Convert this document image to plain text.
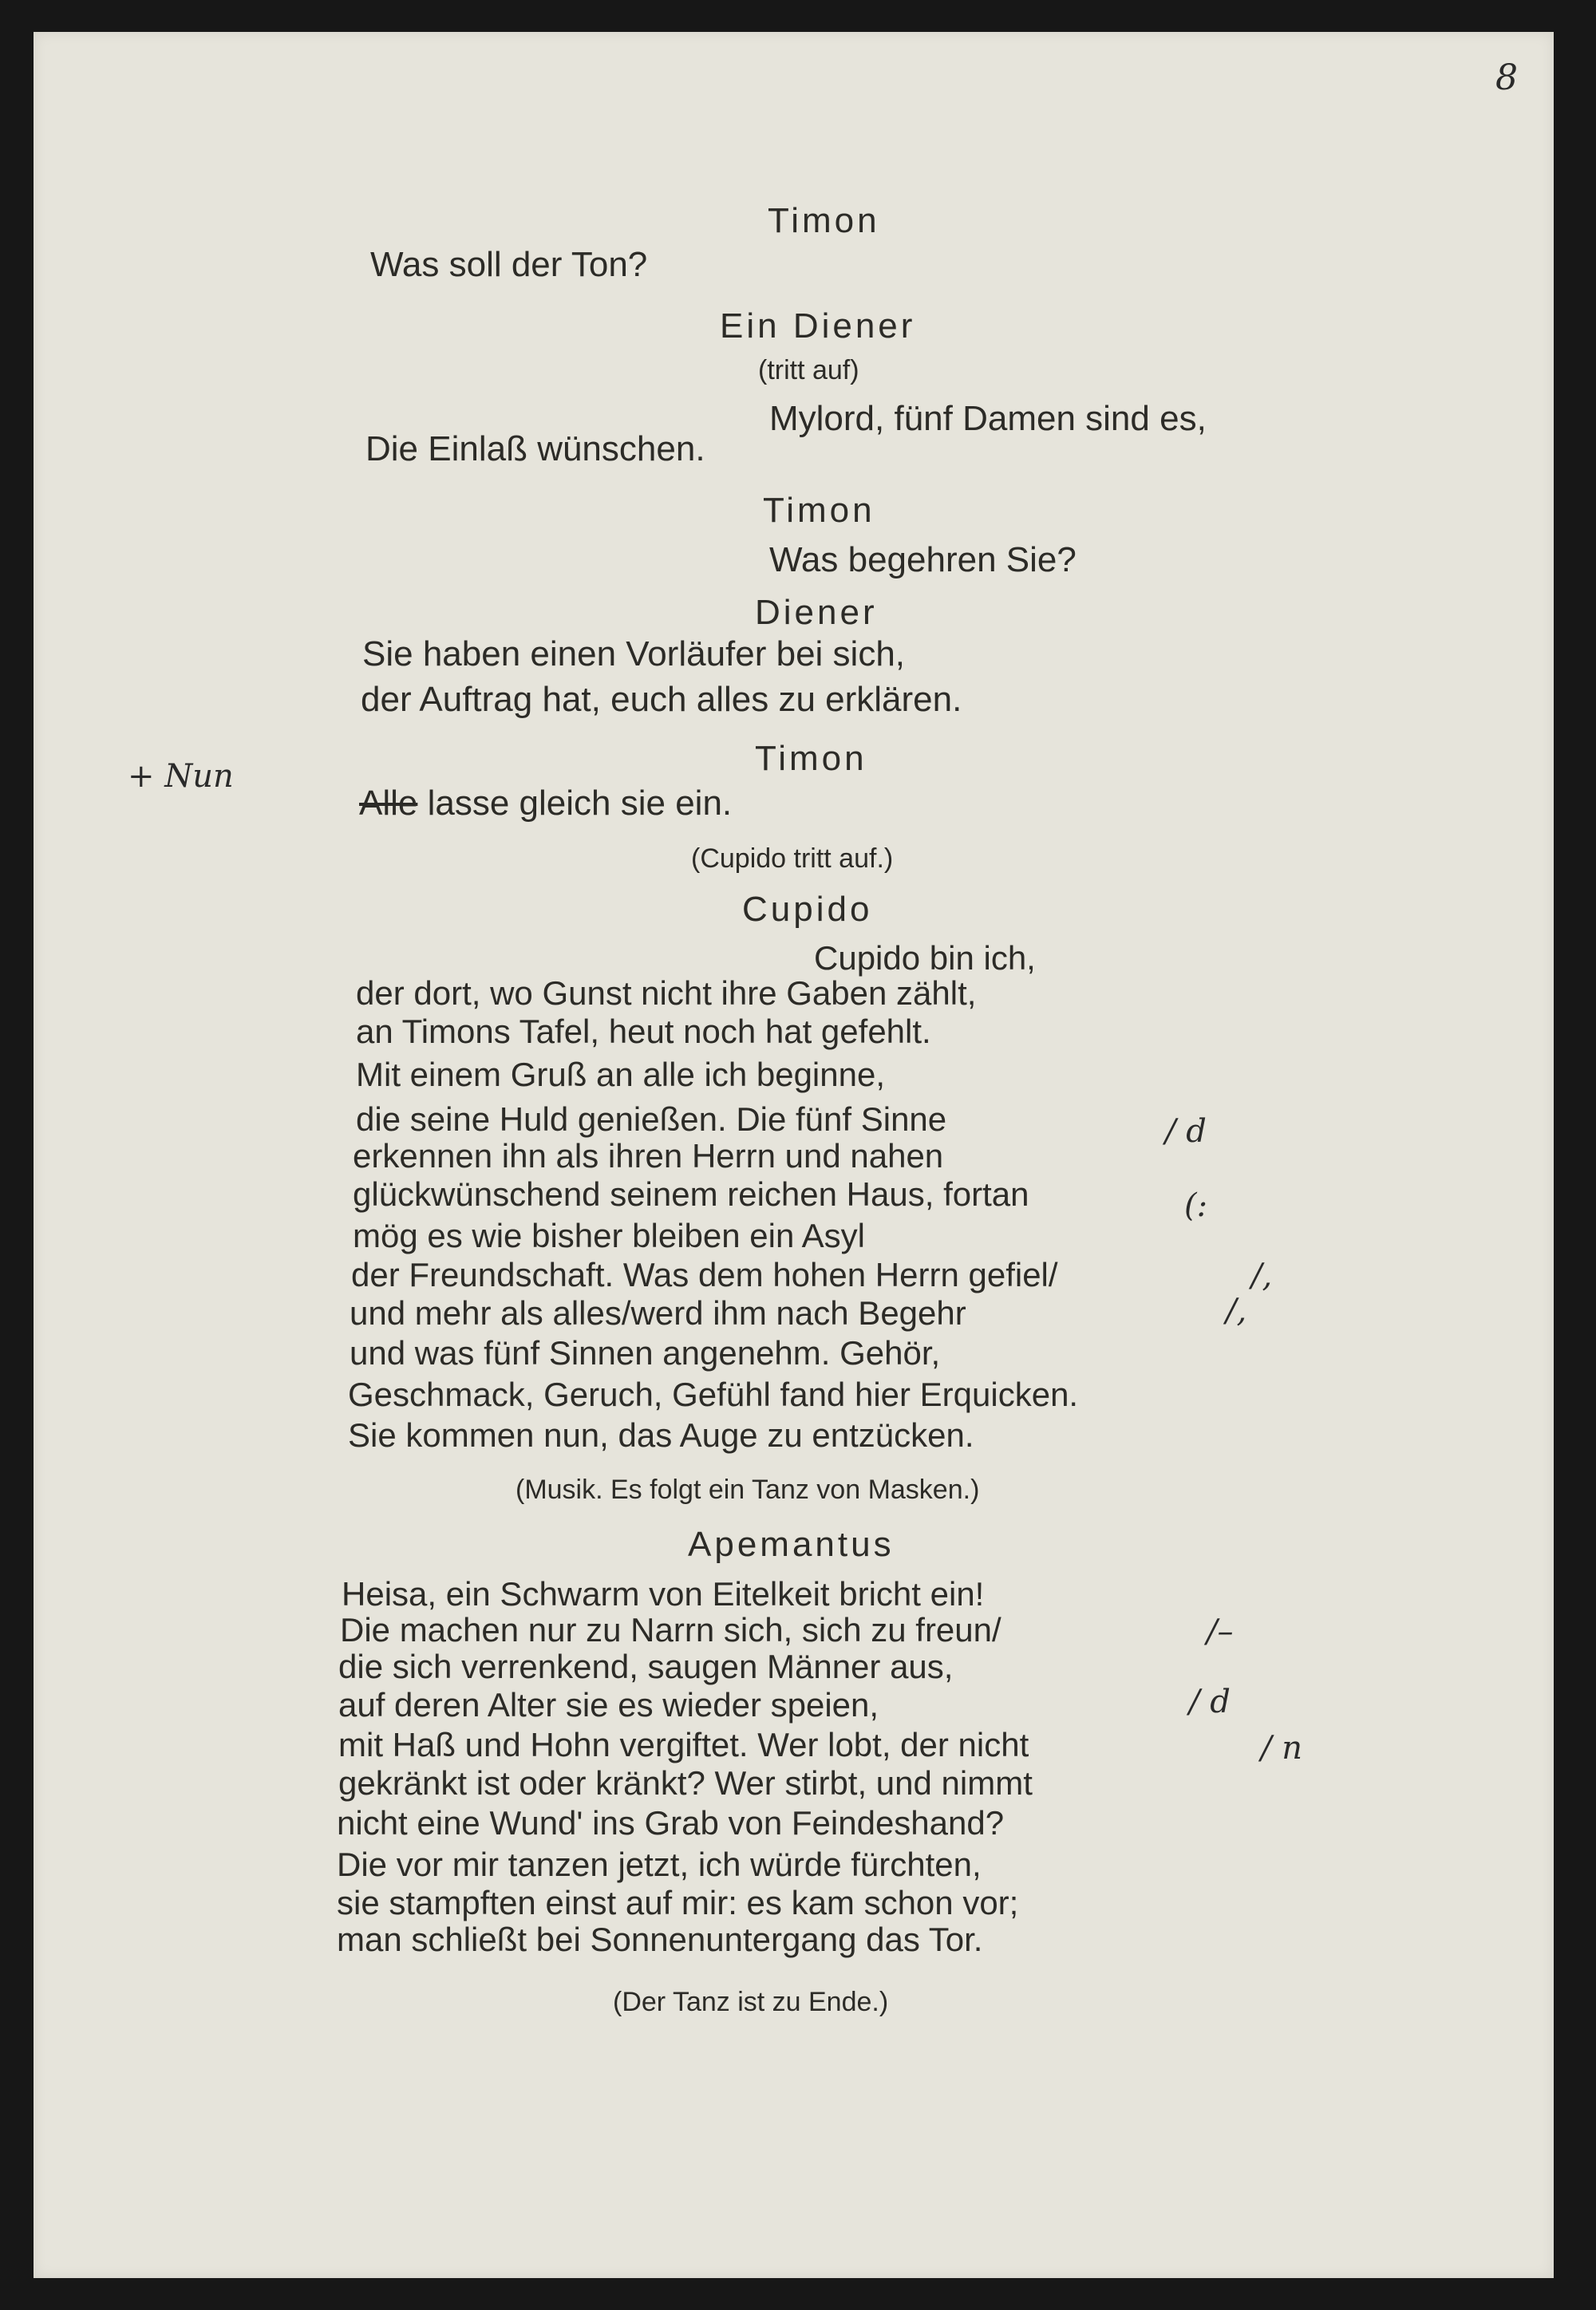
8
+ Nun
Timon
Was soll der Ton?
Ein Diener
(tritt auf)
Mylord, fünf Damen sind es,
Die Einlaß wünschen.
Timon
Was begehren Sie?
Diener
Sie haben einen Vorläufer bei sich,
der Auftrag hat, euch alles zu erklären.
Timon
Alle lasse gleich sie ein.
(Cupido tritt auf.)
Cupido
Cupido bin ich,
der dort, wo Gunst nicht ihre Gaben zählt,
an Timons Tafel, heut noch hat gefehlt.
Mit einem Gruß an alle ich beginne,
die seine Huld genießen. Die fünf Sinne
erkennen ihn als ihren Herrn und nahen
glückwünschend seinem reichen Haus, fortan
mög es wie bisher bleiben ein Asyl
der Freundschaft. Was dem hohen Herrn gefiel/
und mehr als alles/werd ihm nach Begehr
und was fünf Sinnen angenehm. Gehör,
Geschmack, Geruch, Gefühl fand hier Erquicken.
Sie kommen nun, das Auge zu entzücken.
(Musik. Es folgt ein Tanz von Masken.)
Apemantus
Heisa, ein Schwarm von Eitelkeit bricht ein!
Die machen nur zu Narrn sich, sich zu freun/
die sich verrenkend, saugen Männer aus,
auf deren Alter sie es wieder speien,
mit Haß und Hohn vergiftet. Wer lobt, der nicht
gekränkt ist oder kränkt? Wer stirbt, und nimmt
nicht eine Wund' ins Grab von Feindeshand?
Die vor mir tanzen jetzt, ich würde fürchten,
sie stampften einst auf mir: es kam schon vor;
man schließt bei Sonnenuntergang das Tor.
(Der Tanz ist zu Ende.)
/ d
(:
/,
/,
/–
/ d
/ n
